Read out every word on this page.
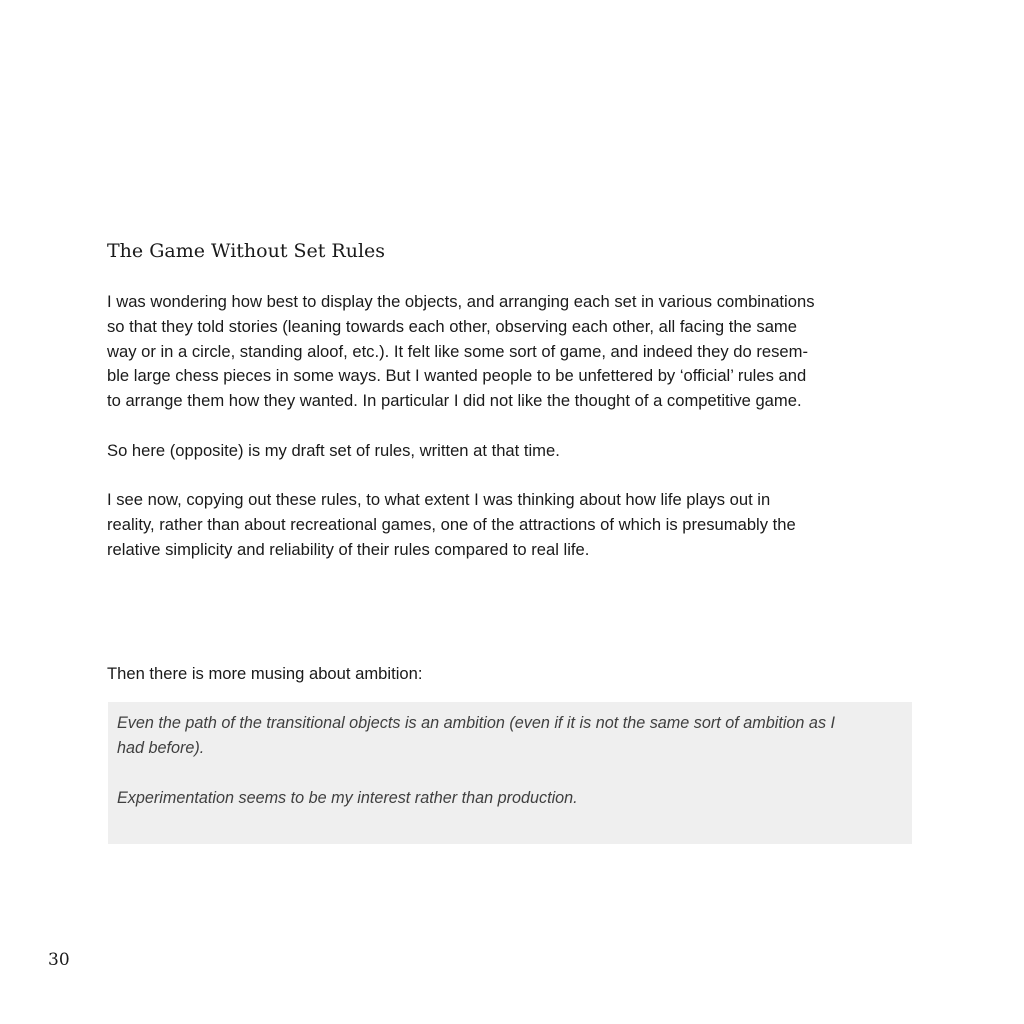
The Game Without Set Rules

I was wondering how best to display the objects, and arranging each set in various combinations
so that they told stories (leaning towards each other, observing each other, all facing the same
way or in a circle, standing aloof, etc.). It felt like some sort of game, and indeed they do resem-
ble large chess pieces in some ways. But I wanted people to be unfettered by ‘official’ rules and
to arrange them how they wanted. In particular I did not like the thought of a competitive game.

So here (opposite) is my draft set of rules, written at that time.

I see now, copying out these rules, to what extent I was thinking about how life plays out in
reality, rather than about recreational games, one of the attractions of which is presumably the
relative simplicity and reliability of their rules compared to real life.

Then there is more musing about ambition:

Even the path of the transitional objects is an ambition (even if it is not the same sort of ambition as I
had before).

Experimentation seems to be my interest rather than production.

30
